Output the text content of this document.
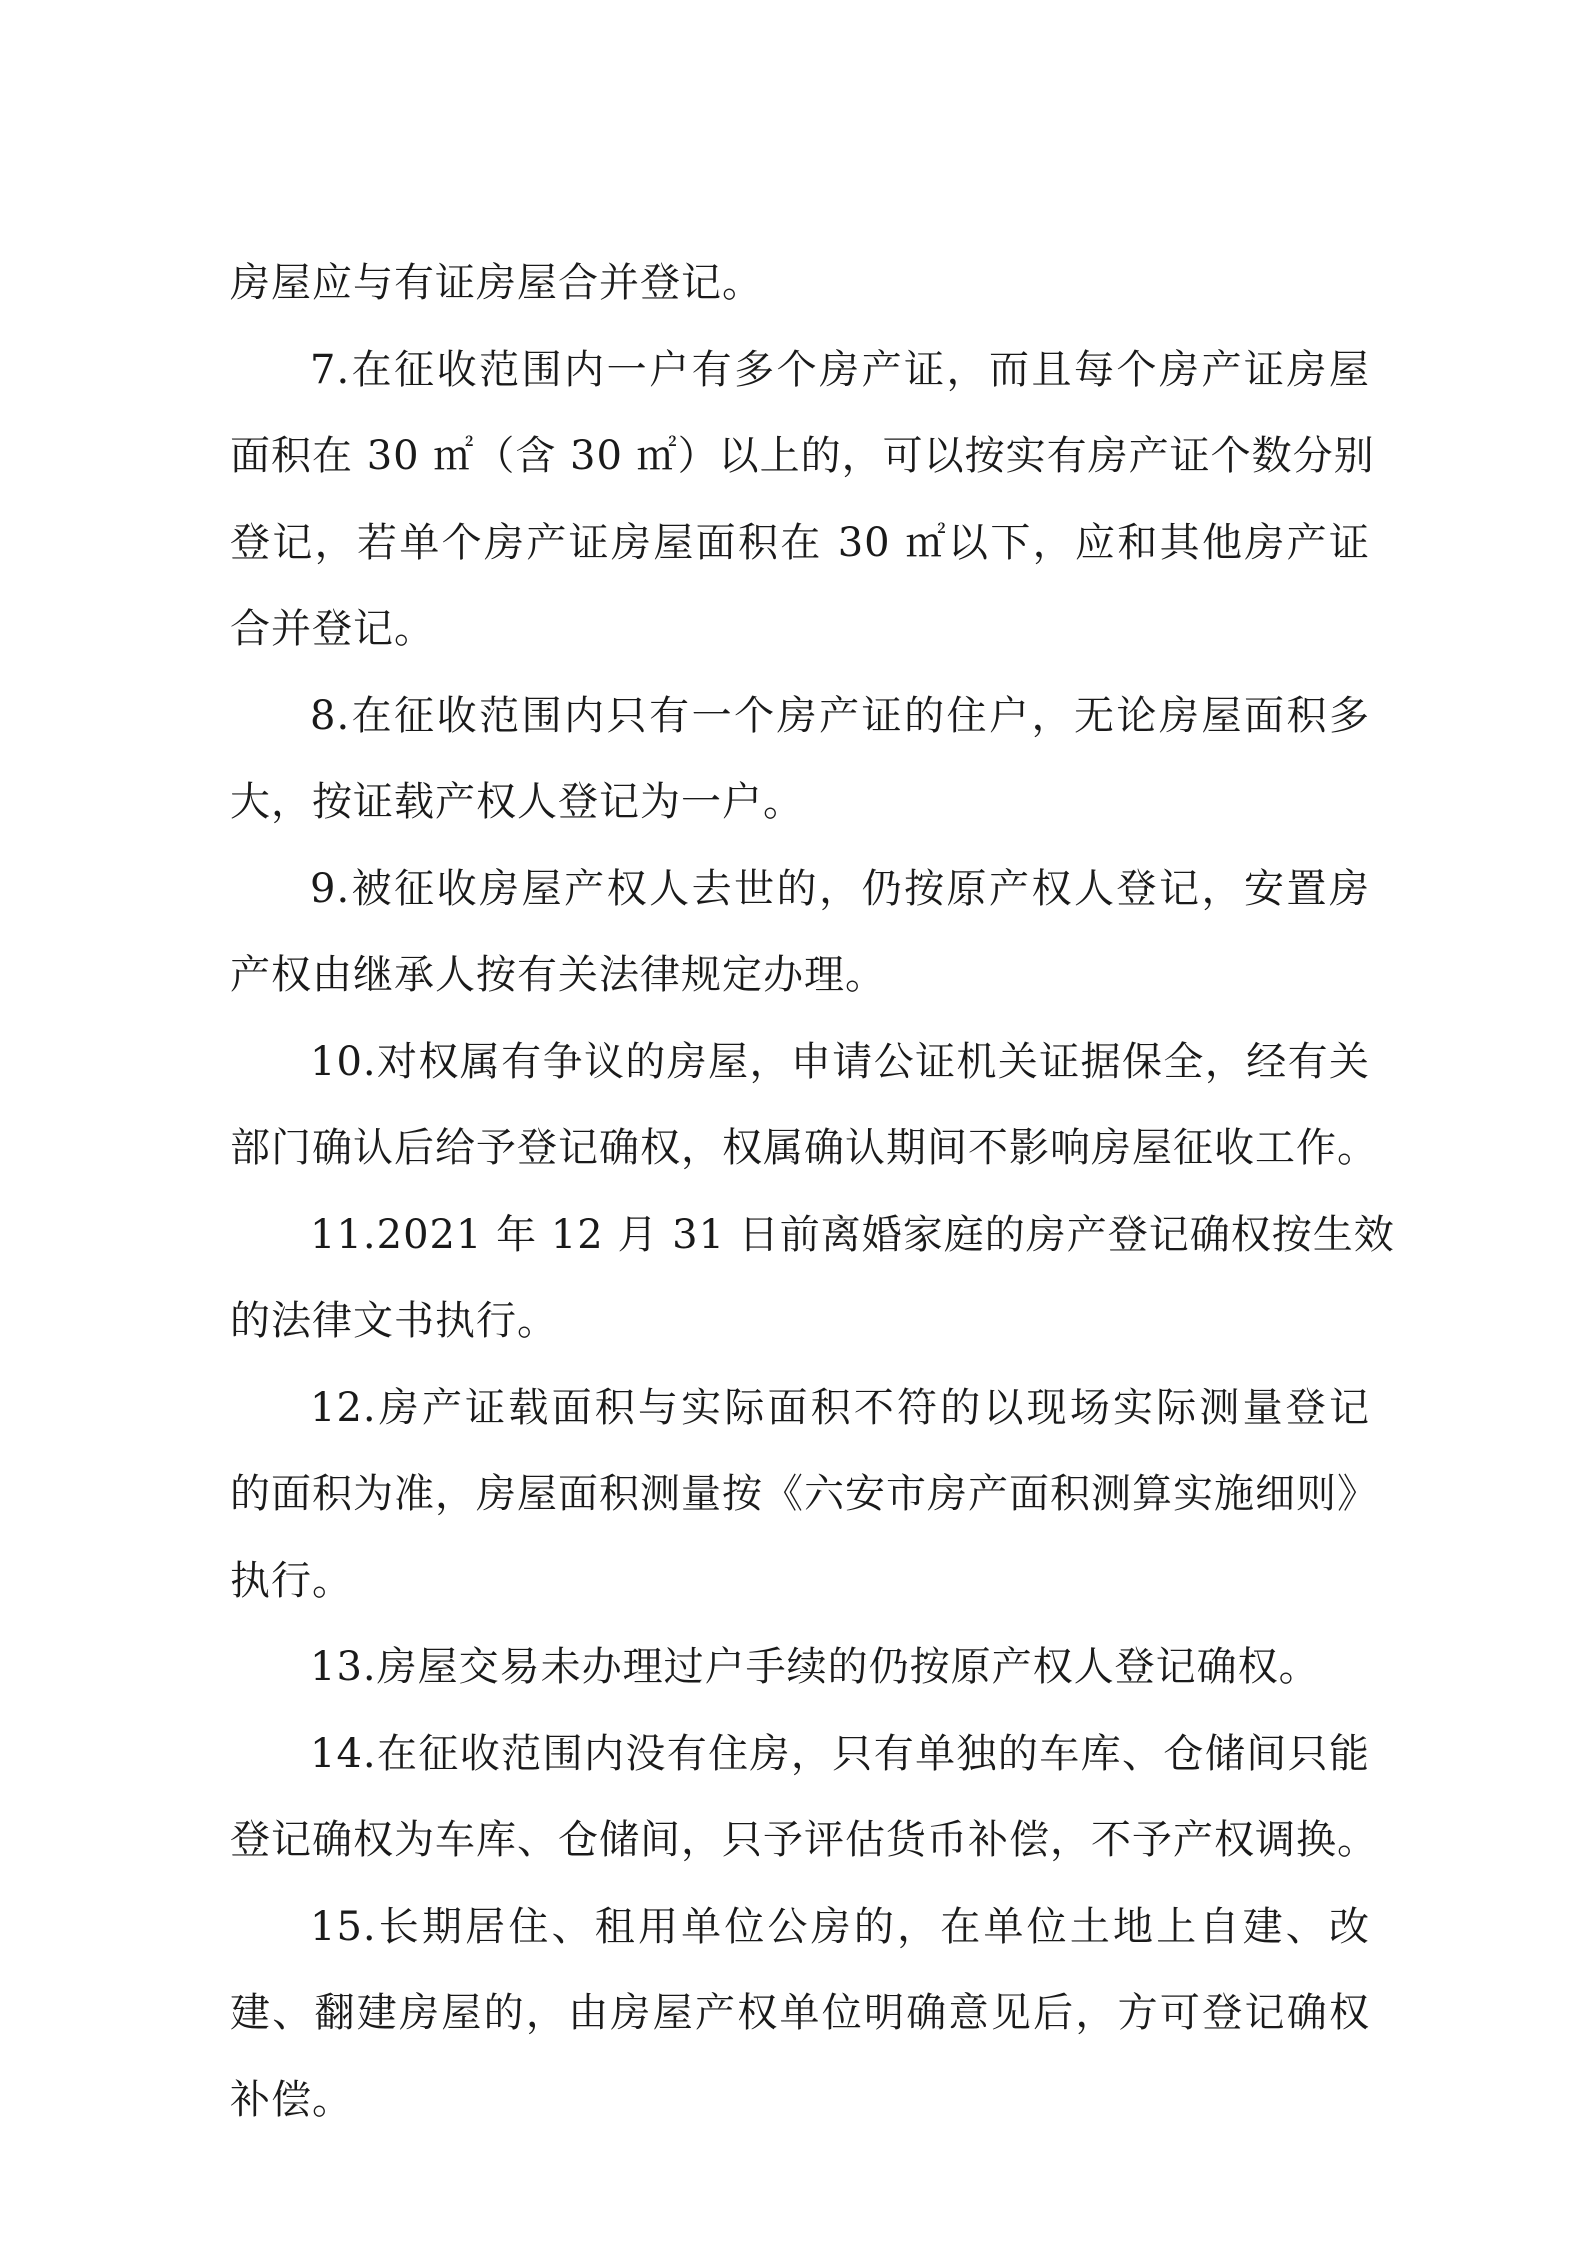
房屋应与有证房屋合并登记。
7.在征收范围内一户有多个房产证，而且每个房产证房屋
面积在 30 ㎡（含 30 ㎡）以上的，可以按实有房产证个数分别
登记，若单个房产证房屋面积在 30 ㎡以下，应和其他房产证
合并登记。
8.在征收范围内只有一个房产证的住户，无论房屋面积多
大，按证载产权人登记为一户。
9.被征收房屋产权人去世的，仍按原产权人登记，安置房
产权由继承人按有关法律规定办理。
10.对权属有争议的房屋，申请公证机关证据保全，经有关
部门确认后给予登记确权，权属确认期间不影响房屋征收工作。
11.2021 年 12 月 31 日前离婚家庭的房产登记确权按生效
的法律文书执行。
12.房产证载面积与实际面积不符的以现场实际测量登记
的面积为准，房屋面积测量按《六安市房产面积测算实施细则》
执行。
13.房屋交易未办理过户手续的仍按原产权人登记确权。
14.在征收范围内没有住房，只有单独的车库、仓储间只能
登记确权为车库、仓储间，只予评估货币补偿，不予产权调换。
15.长期居住、租用单位公房的，在单位土地上自建、改
建、翻建房屋的，由房屋产权单位明确意见后，方可登记确权
补偿。
